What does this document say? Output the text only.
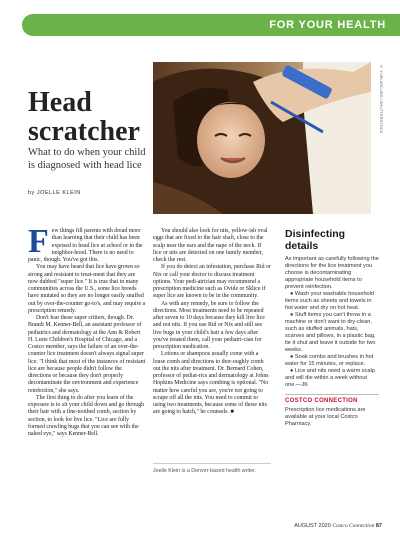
FOR YOUR HEALTH
© YURI ARCURS / SHUTTERSTOCK
Head scratcher
What to do when your child is diagnosed with head lice
by JOELLE KLEIN

Few things fill parents with dread more than learning that their child has been exposed to head lice at school or in the neighbor-hood. There is no need to panic, though. You've got this.

You may have heard that lice have grown so strong and resistant to treat-ment that they are now dubbed "super lice." It is true that in many communities across the U.S., some lice breeds have mutated so they are no longer easily snuffed out by over-the-counter go-to's, and may require a prescription remedy.

Don't fear these super critters, though. Dr. Brandi M. Kenner-Bell, an assistant professor of pediatrics and dermatology at the Ann & Robert H. Lurie Children's Hospital of Chicago, and a Costco member, says the failure of an over-the-counter lice treatment doesn't always signal super lice. "I think that most of the instances of resistant lice are because people didn't follow the directions or because they don't properly decontaminate the environment and experience reinfection," she says.

The first thing to do after you learn of the exposure is to sit your child down and go through their hair with a fine-toothed comb, section by section, to look for live lice. "Lice are fully formed crawling bugs that you can see with the naked eye," says Kenner-Bell.

You should also look for nits, yellow-ish oval eggs that are fixed to the hair shaft, close to the scalp near the ears and the nape of the neck. If lice or nits are detected on one family member, check the rest.

If you do detect an infestation, purchase Rid or Nix or call your doctor to discuss treatment options. Your pedi-atrician may recommend a prescription medicine such as Ovide or Sklice if super lice are known to be in the community.

As with any remedy, be sure to follow the directions. Most treatments need to be repeated after seven to 10 days because they kill live lice and not nits. If you use Rid or Nix and still see live bugs in your child's hair a few days after you've treated them, call your pediatri-cian for prescription medication.

Lotions or shampoos usually come with a louse comb and directions to thor-oughly comb out the nits after treatment. Dr. Bernard Cohen, professor of pediat-rics and dermatology at Johns Hopkins Medicine says combing is optional. "No matter how careful you are, you're not going to scrape off all the nits. You need to commit to using two treatments, because some of those nits are going to hatch," he counsels. ■

Joelle Klein is a Denver-based health writer.
Disinfecting details

As important as carefully following the directions for the lice treatment you choose is decontaminating appropriate household items to prevent reinfection.

● Wash your washable household items such as sheets and towels in hot water and dry on hot heat.

● Stuff items you can't throw in a machine or don't want to dry-clean, such as stuffed animals, hats, scarves and pillows, in a plastic bag, tie it shut and leave it outside for two weeks.

● Soak combs and brushes in hot water for 15 minutes, or replace.

● Lice and nits need a warm scalp and will die within a week without one.—JK

COSTCO CONNECTION
Prescription lice medications are available at your local Costco Pharmacy.
AUGUST 2020 Costco Connection 87
